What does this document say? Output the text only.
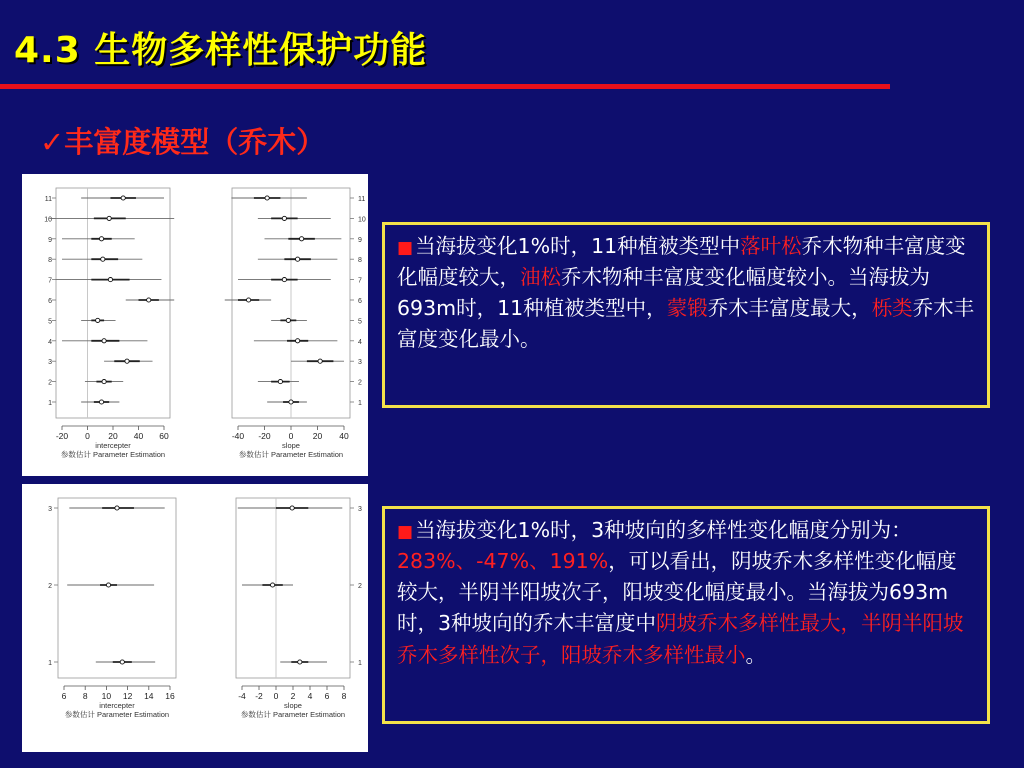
4.3 生物多样性保护功能
✓丰富度模型（乔木）
1
2
3
4
5
6
7
8
9
10
11
-20 0 20 40 60
intercepter
参数估计 Parameter Estimation
1
2
3
4
5
6
7
8
9
10
11
-40 -20 0 20 40
slope
参数估计 Parameter Estimation
1
2
3
6 8 10 12 14 16
intercepter
参数估计 Parameter Estimation
1
2
3
-4 -2 0 2 4 6 8
slope
参数估计 Parameter Estimation
■当海拔变化1%时，11种植被类型中落叶松乔木物种丰富度变化幅度较大，油松乔木物种丰富度变化幅度较小。当海拔为693m时，11种植被类型中，蒙锻乔木丰富度最大，栎类乔木丰富度变化最小。
■当海拔变化1%时，3种坡向的多样性变化幅度分别为：283%、-47%、191%，可以看出，阴坡乔木多样性变化幅度较大，半阴半阳坡次子，阳坡变化幅度最小。当海拔为693m时，3种坡向的乔木丰富度中阴坡乔木多样性最大，半阴半阳坡乔木多样性次子，阳坡乔木多样性最小。
